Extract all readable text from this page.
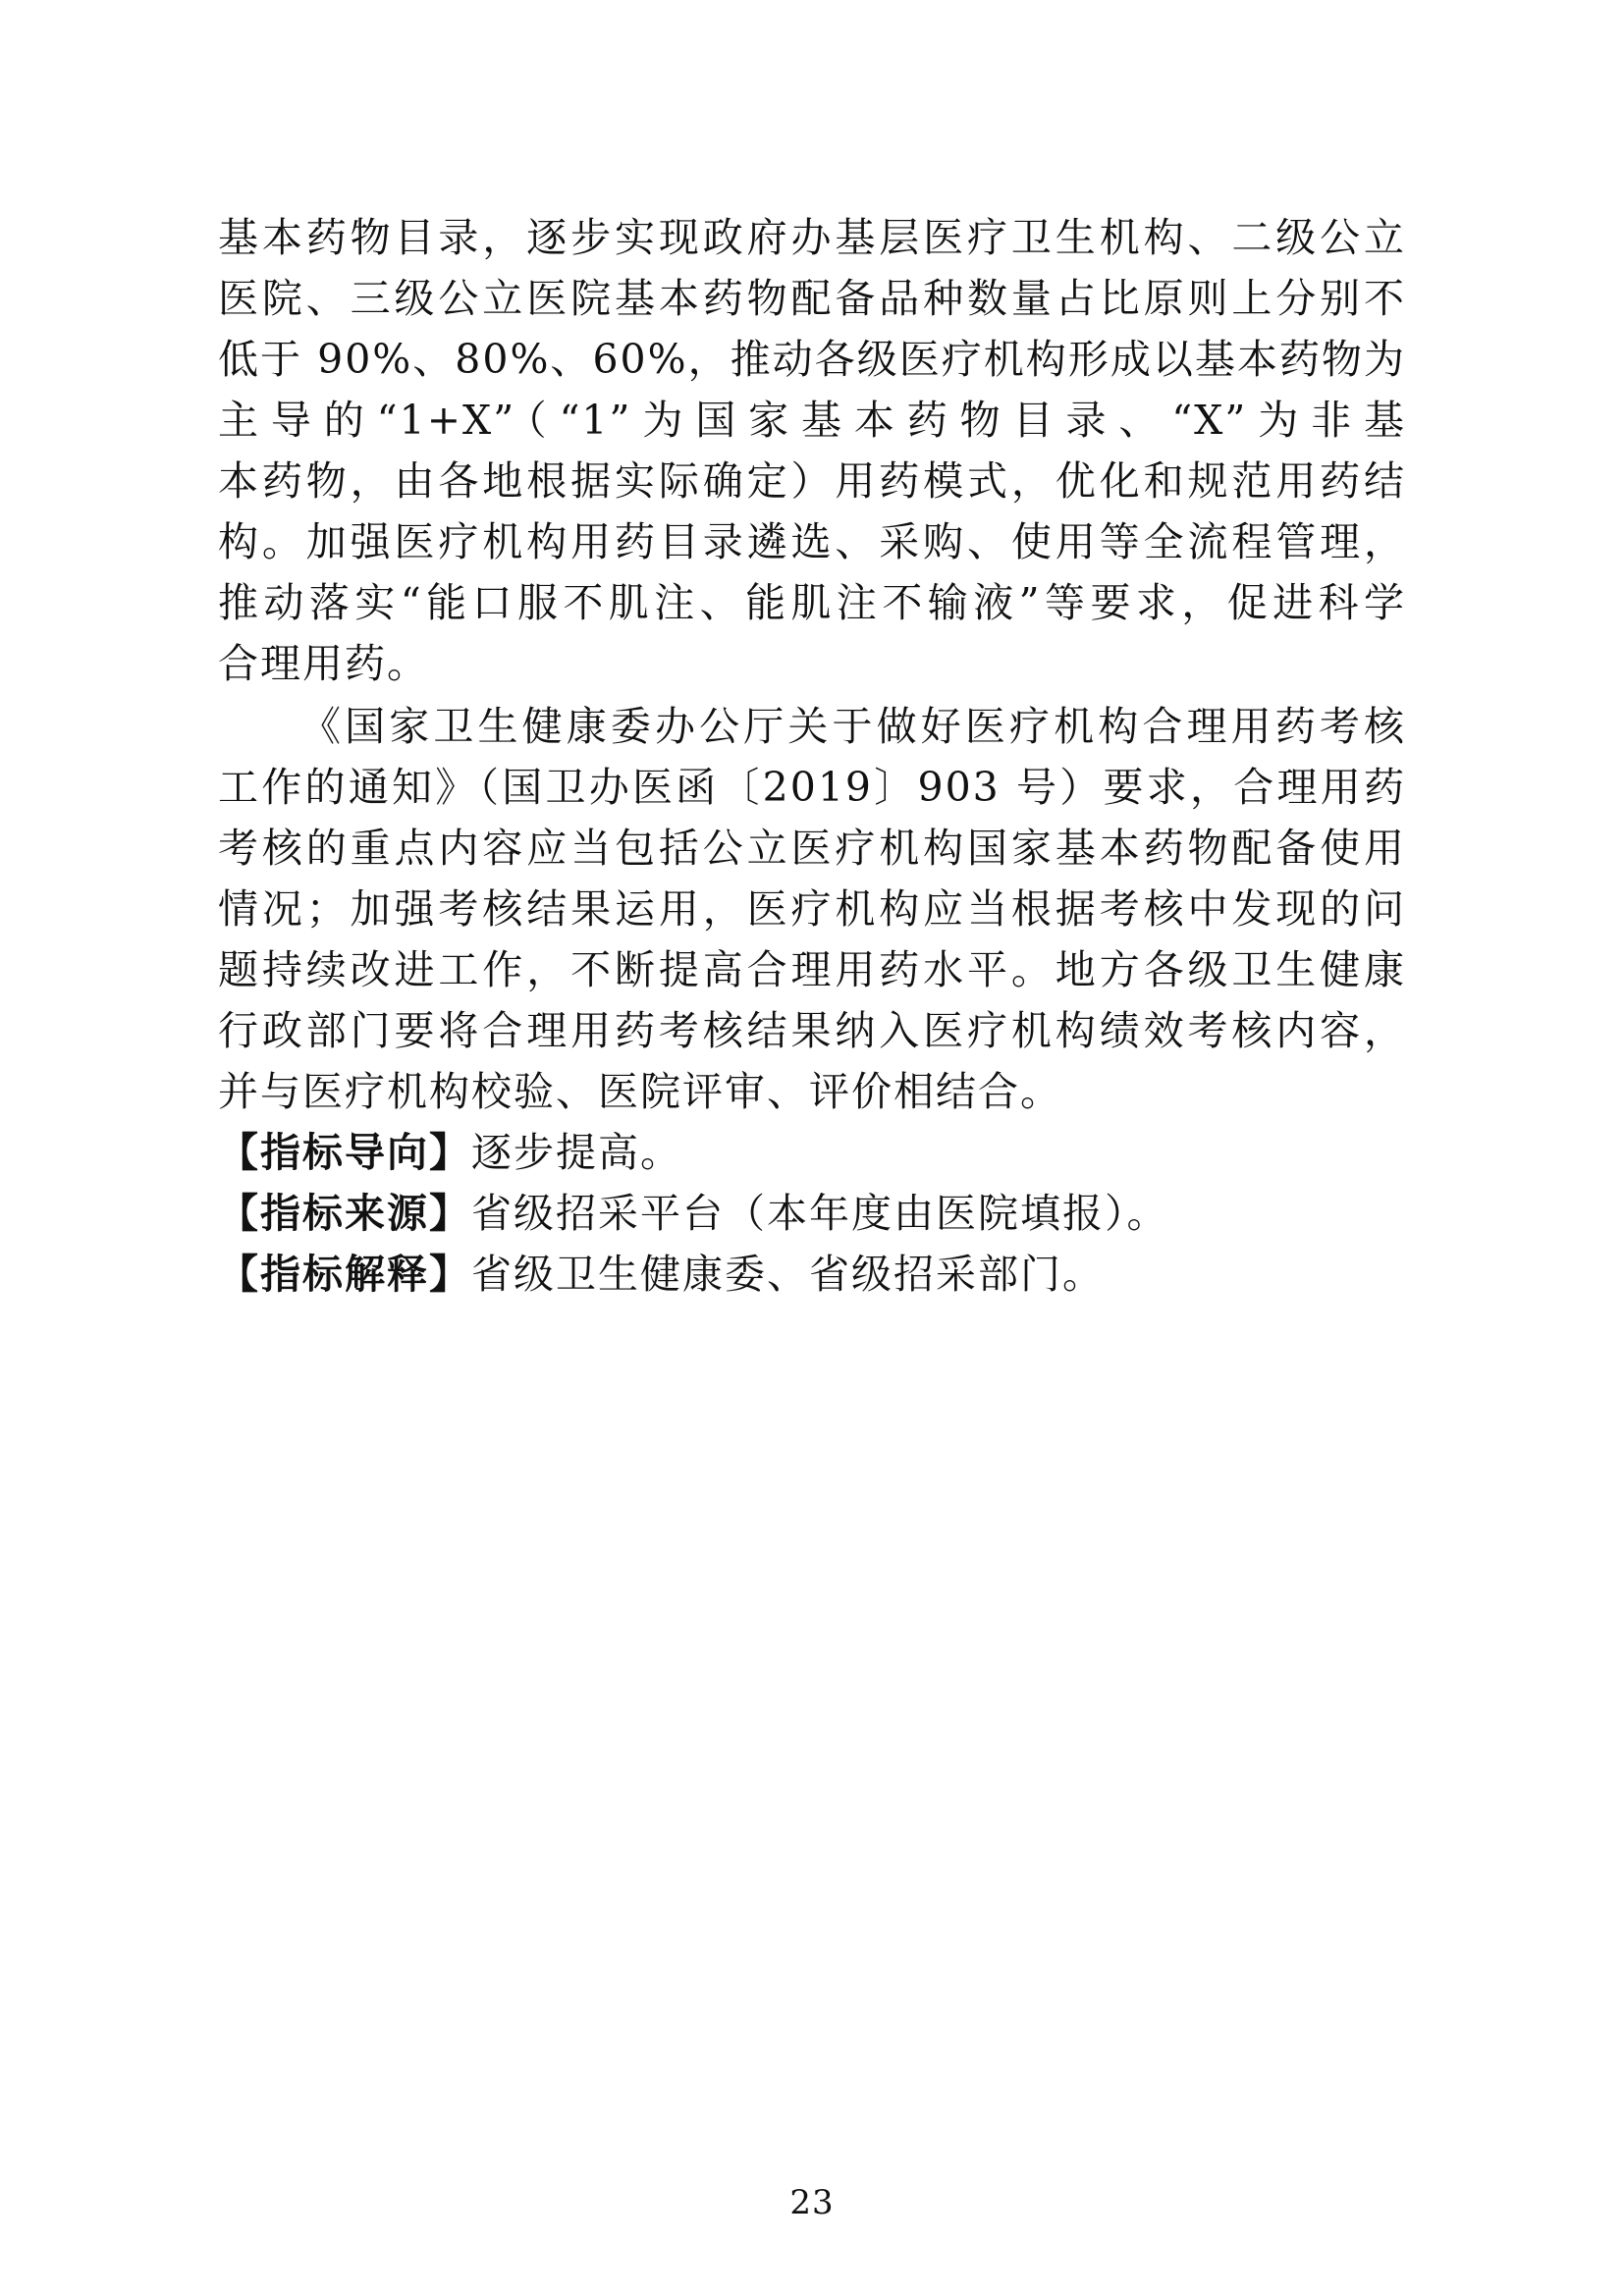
基本药物目录，逐步实现政府办基层医疗卫生机构、二级公立
医院、三级公立医院基本药物配备品种数量占比原则上分别不
低于 90%、80%、60%，推动各级医疗机构形成以基本药物为
主导的“1+X”（“1”为国家基本药物目录、“X”为非基
本药物，由各地根据实际确定）用药模式，优化和规范用药结
构。加强医疗机构用药目录遴选、采购、使用等全流程管理，
推动落实“能口服不肌注、能肌注不输液”等要求，促进科学
合理用药。
《国家卫生健康委办公厅关于做好医疗机构合理用药考核
工作的通知》（国卫办医函〔2019〕903 号）要求，合理用药
考核的重点内容应当包括公立医疗机构国家基本药物配备使用
情况；加强考核结果运用，医疗机构应当根据考核中发现的问
题持续改进工作，不断提高合理用药水平。地方各级卫生健康
行政部门要将合理用药考核结果纳入医疗机构绩效考核内容，
并与医疗机构校验、医院评审、评价相结合。
【指标导向】逐步提高。
【指标来源】省级招采平台（本年度由医院填报）。
【指标解释】省级卫生健康委、省级招采部门。
23
